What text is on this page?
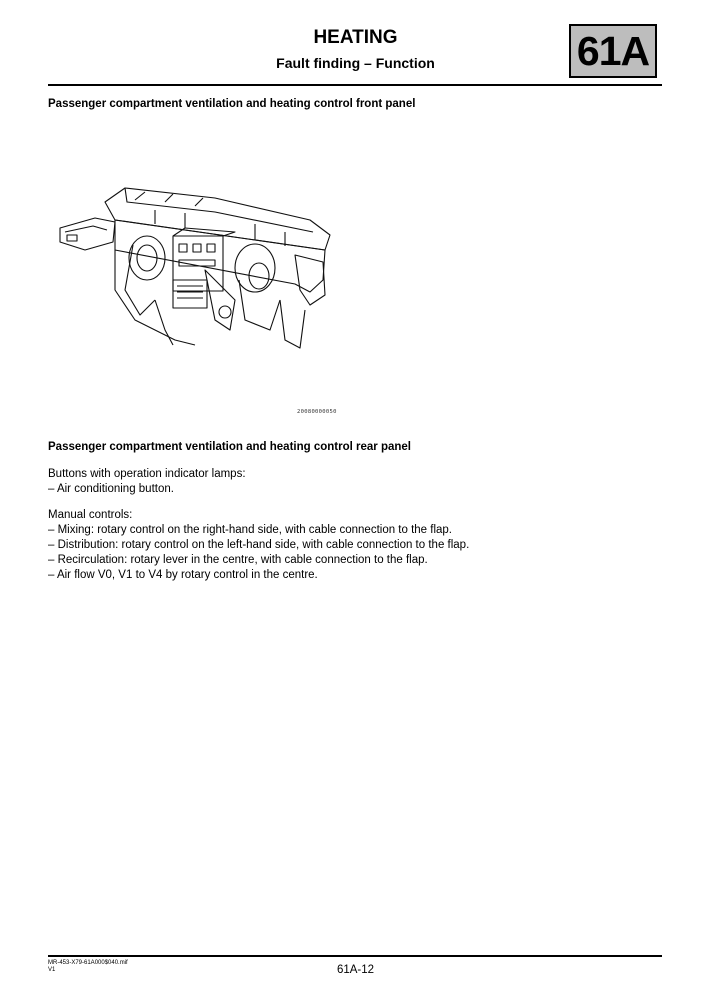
HEATING
Fault finding – Function	61A
Passenger compartment ventilation and heating control front panel
20080000050
Passenger compartment ventilation and heating control rear panel
Buttons with operation indicator lamps:
– Air conditioning button.
Manual controls:
– Mixing: rotary control on the right-hand side, with cable connection to the flap.
– Distribution: rotary control on the left-hand side, with cable connection to the flap.
– Recirculation: rotary lever in the centre, with cable connection to the flap.
– Air flow V0, V1 to V4 by rotary control in the centre.
MR-453-X79-61A000$040.mif
V1	61A-12
